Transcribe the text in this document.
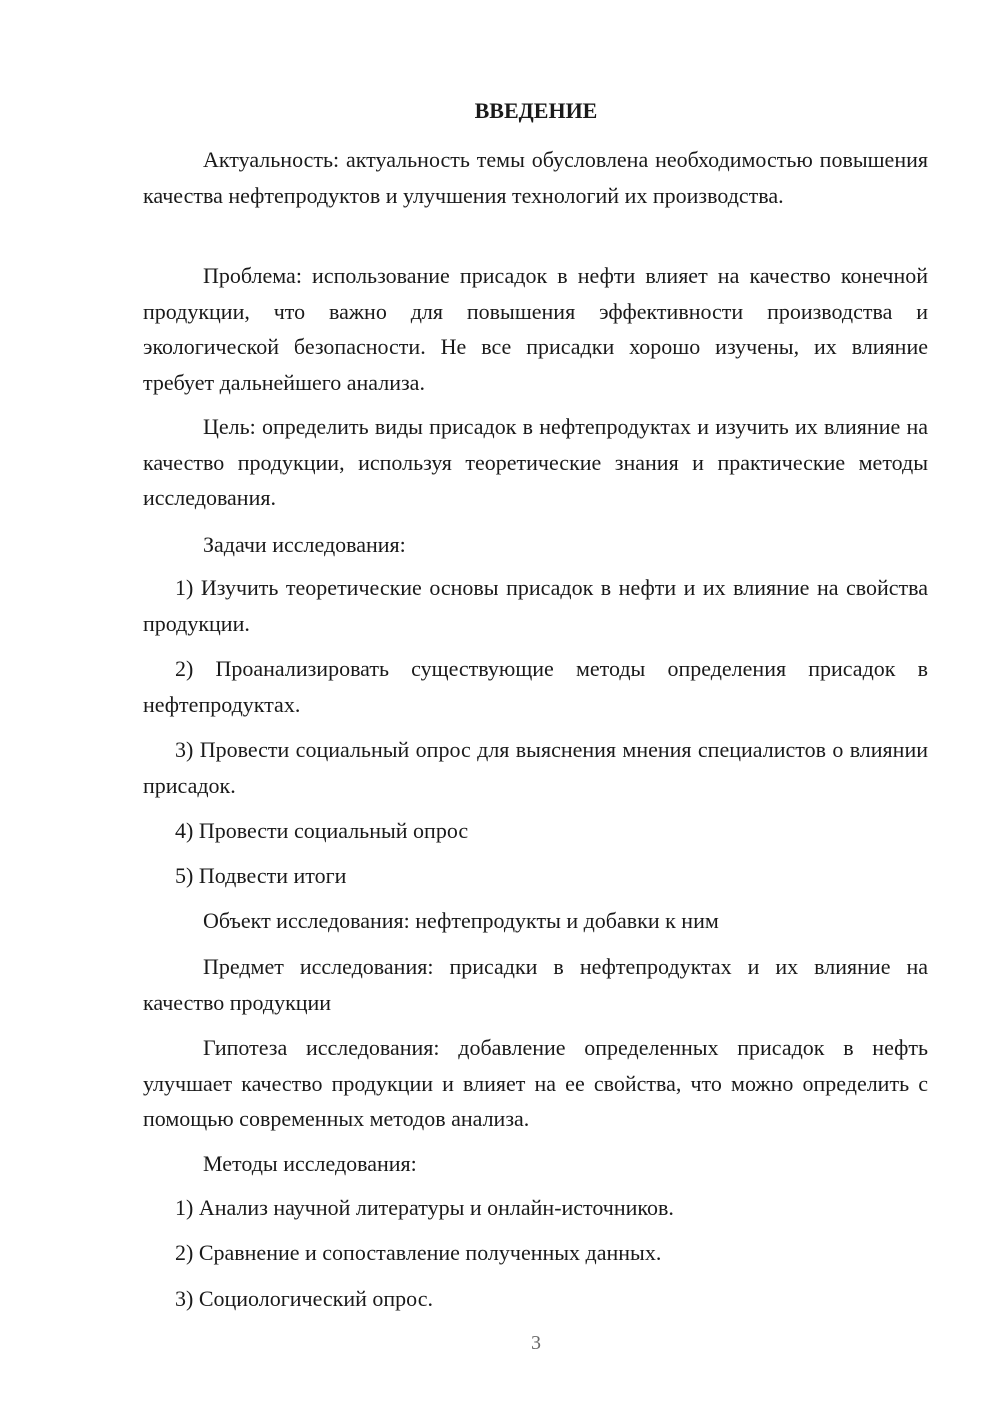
ВВЕДЕНИЕ
Актуальность: актуальность темы обусловлена необходимостью повышения качества нефтепродуктов и улучшения технологий их производства.
Проблема: использование присадок в нефти влияет на качество конечной продукции, что важно для повышения эффективности производства и экологической безопасности. Не все присадки хорошо изучены, их влияние требует дальнейшего анализа.
Цель: определить виды присадок в нефтепродуктах и изучить их влияние на качество продукции, используя теоретические знания и практические методы исследования.
Задачи исследования:
1) Изучить теоретические основы присадок в нефти и их влияние на свойства продукции.
2) Проанализировать существующие методы определения присадок в нефтепродуктах.
3) Провести социальный опрос для выяснения мнения специалистов о влиянии присадок.
4) Провести социальный опрос
5) Подвести итоги
Объект исследования: нефтепродукты и добавки к ним
Предмет исследования: присадки в нефтепродуктах и их влияние на качество продукции
Гипотеза исследования: добавление определенных присадок в нефть улучшает качество продукции и влияет на ее свойства, что можно определить с помощью современных методов анализа.
Методы исследования:
1) Анализ научной литературы и онлайн-источников.
2) Сравнение и сопоставление полученных данных.
3) Социологический опрос.
3
